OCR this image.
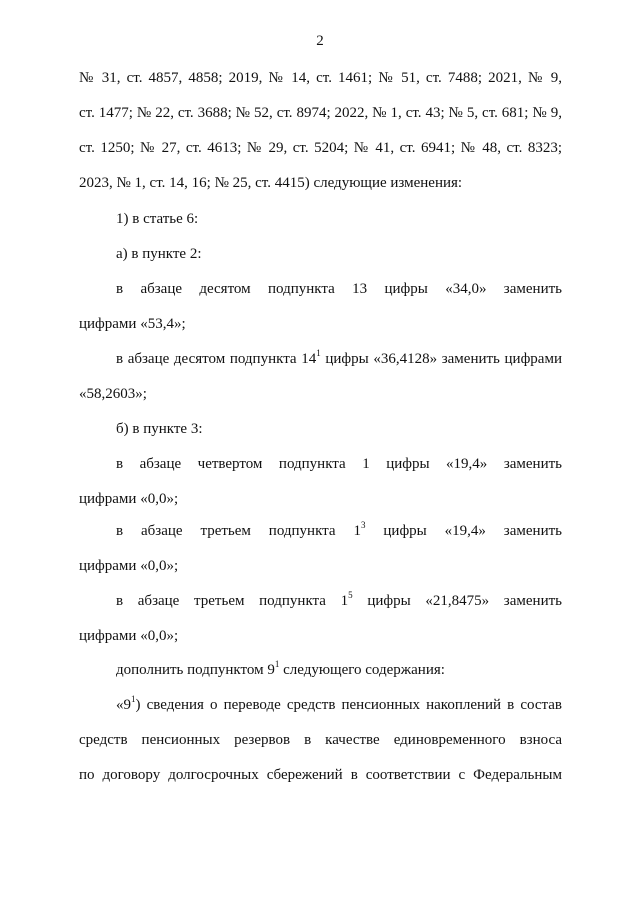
2
№ 31, ст. 4857, 4858; 2019, № 14, ст. 1461; № 51, ст. 7488; 2021, № 9,
ст. 1477; № 22, ст. 3688; № 52, ст. 8974; 2022, № 1, ст. 43; № 5, ст. 681; № 9,
ст. 1250; № 27, ст. 4613; № 29, ст. 5204; № 41, ст. 6941; № 48, ст. 8323;
2023, № 1, ст. 14, 16; № 25, ст. 4415) следующие изменения:
1) в статье 6:
а) в пункте 2:
в абзаце десятом подпункта 13 цифры «34,0» заменить
цифрами «53,4»;
в абзаце десятом подпункта $14^1$ цифры «36,4128» заменить цифрами
«58,2603»;
б) в пункте 3:
в абзаце четвертом подпункта 1 цифры «19,4» заменить
цифрами «0,0»;
в абзаце третьем подпункта $1^3$ цифры «19,4» заменить
цифрами «0,0»;
в абзаце третьем подпункта $1^5$ цифры «21,8475» заменить
цифрами «0,0»;
дополнить подпунктом $9^1$ следующего содержания:
«$9^1$) сведения о переводе средств пенсионных накоплений в состав
средств пенсионных резервов в качестве единовременного взноса
по договору долгосрочных сбережений в соответствии с Федеральным
